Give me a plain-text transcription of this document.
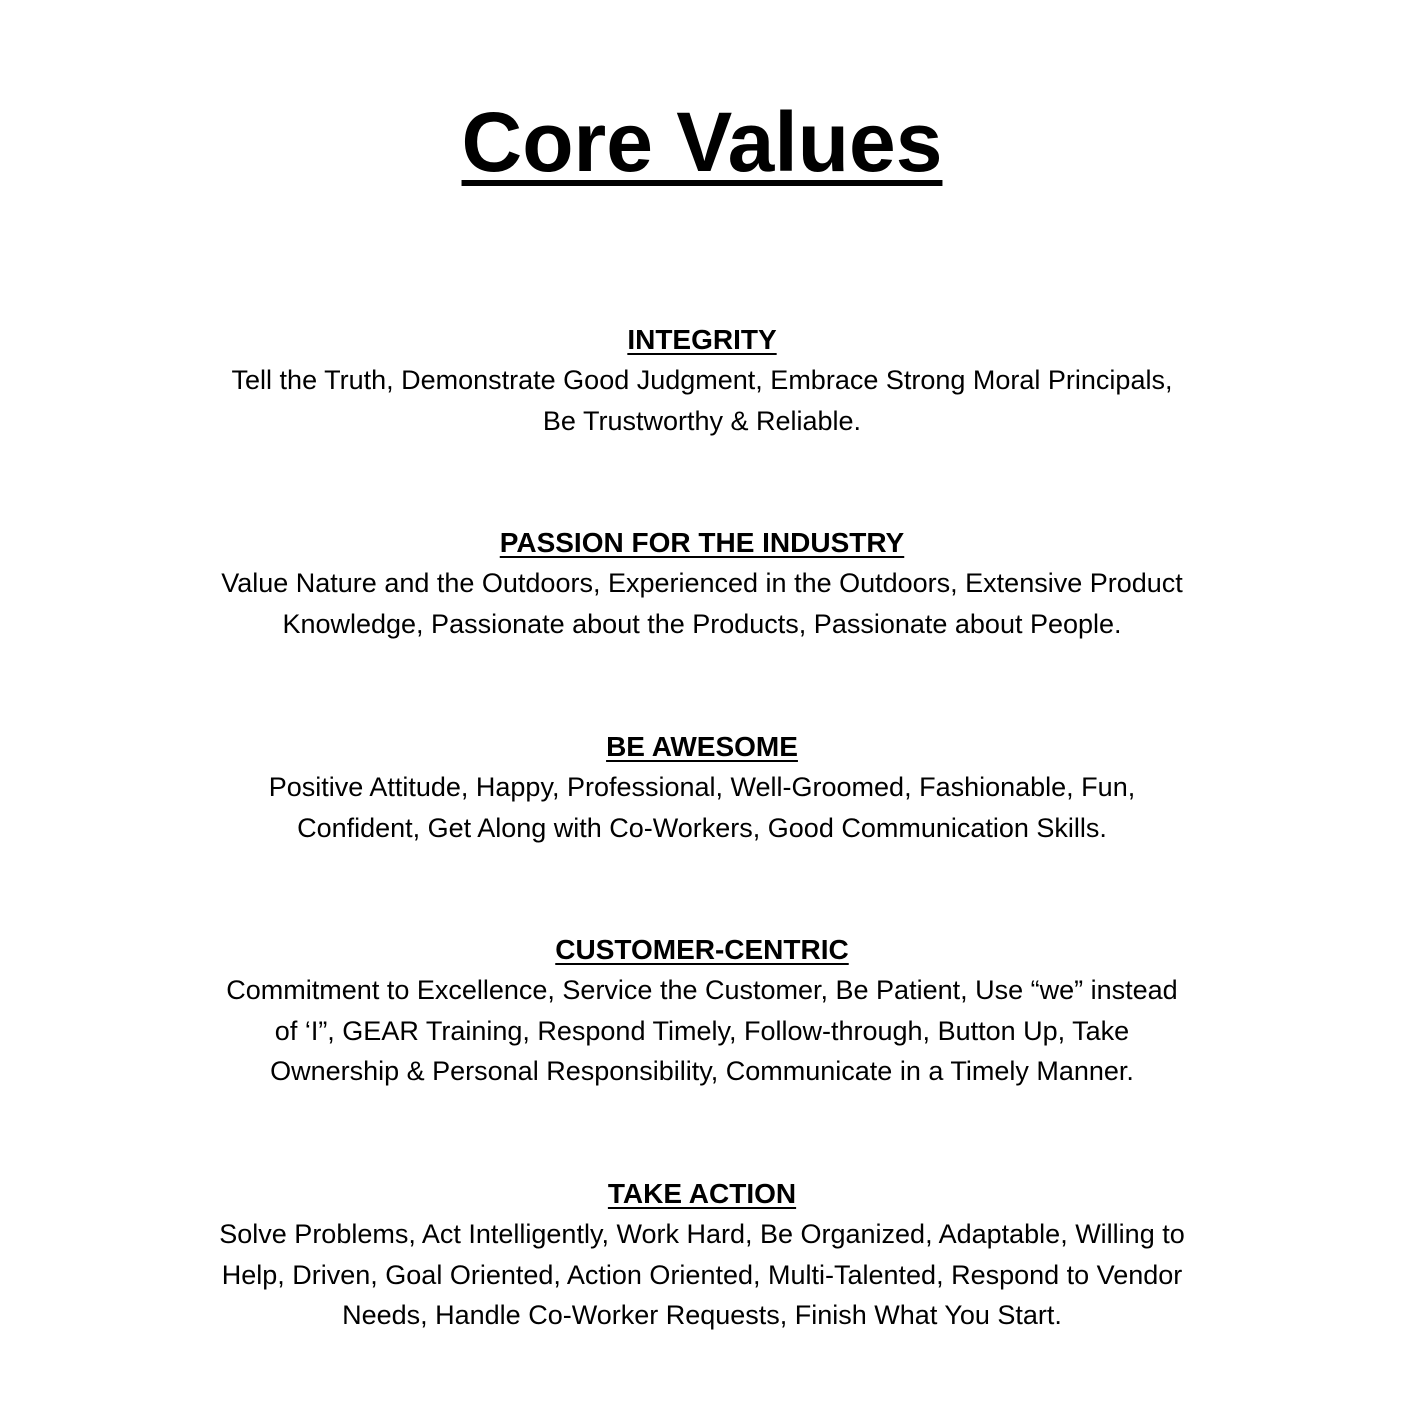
Core Values
INTEGRITY

Tell the Truth, Demonstrate Good Judgment, Embrace Strong Moral Principals,
Be Trustworthy & Reliable.

PASSION FOR THE INDUSTRY

Value Nature and the Outdoors, Experienced in the Outdoors, Extensive Product
Knowledge, Passionate about the Products, Passionate about People.

BE AWESOME

Positive Attitude, Happy, Professional, Well-Groomed, Fashionable, Fun,
Confident, Get Along with Co-Workers, Good Communication Skills.

CUSTOMER-CENTRIC

Commitment to Excellence, Service the Customer, Be Patient, Use “we” instead
of ‘I”, GEAR Training, Respond Timely, Follow-through, Button Up, Take
Ownership & Personal Responsibility, Communicate in a Timely Manner.

TAKE ACTION

Solve Problems, Act Intelligently, Work Hard, Be Organized, Adaptable, Willing to
Help, Driven, Goal Oriented, Action Oriented, Multi-Talented, Respond to Vendor
Needs, Handle Co-Worker Requests, Finish What You Start.
